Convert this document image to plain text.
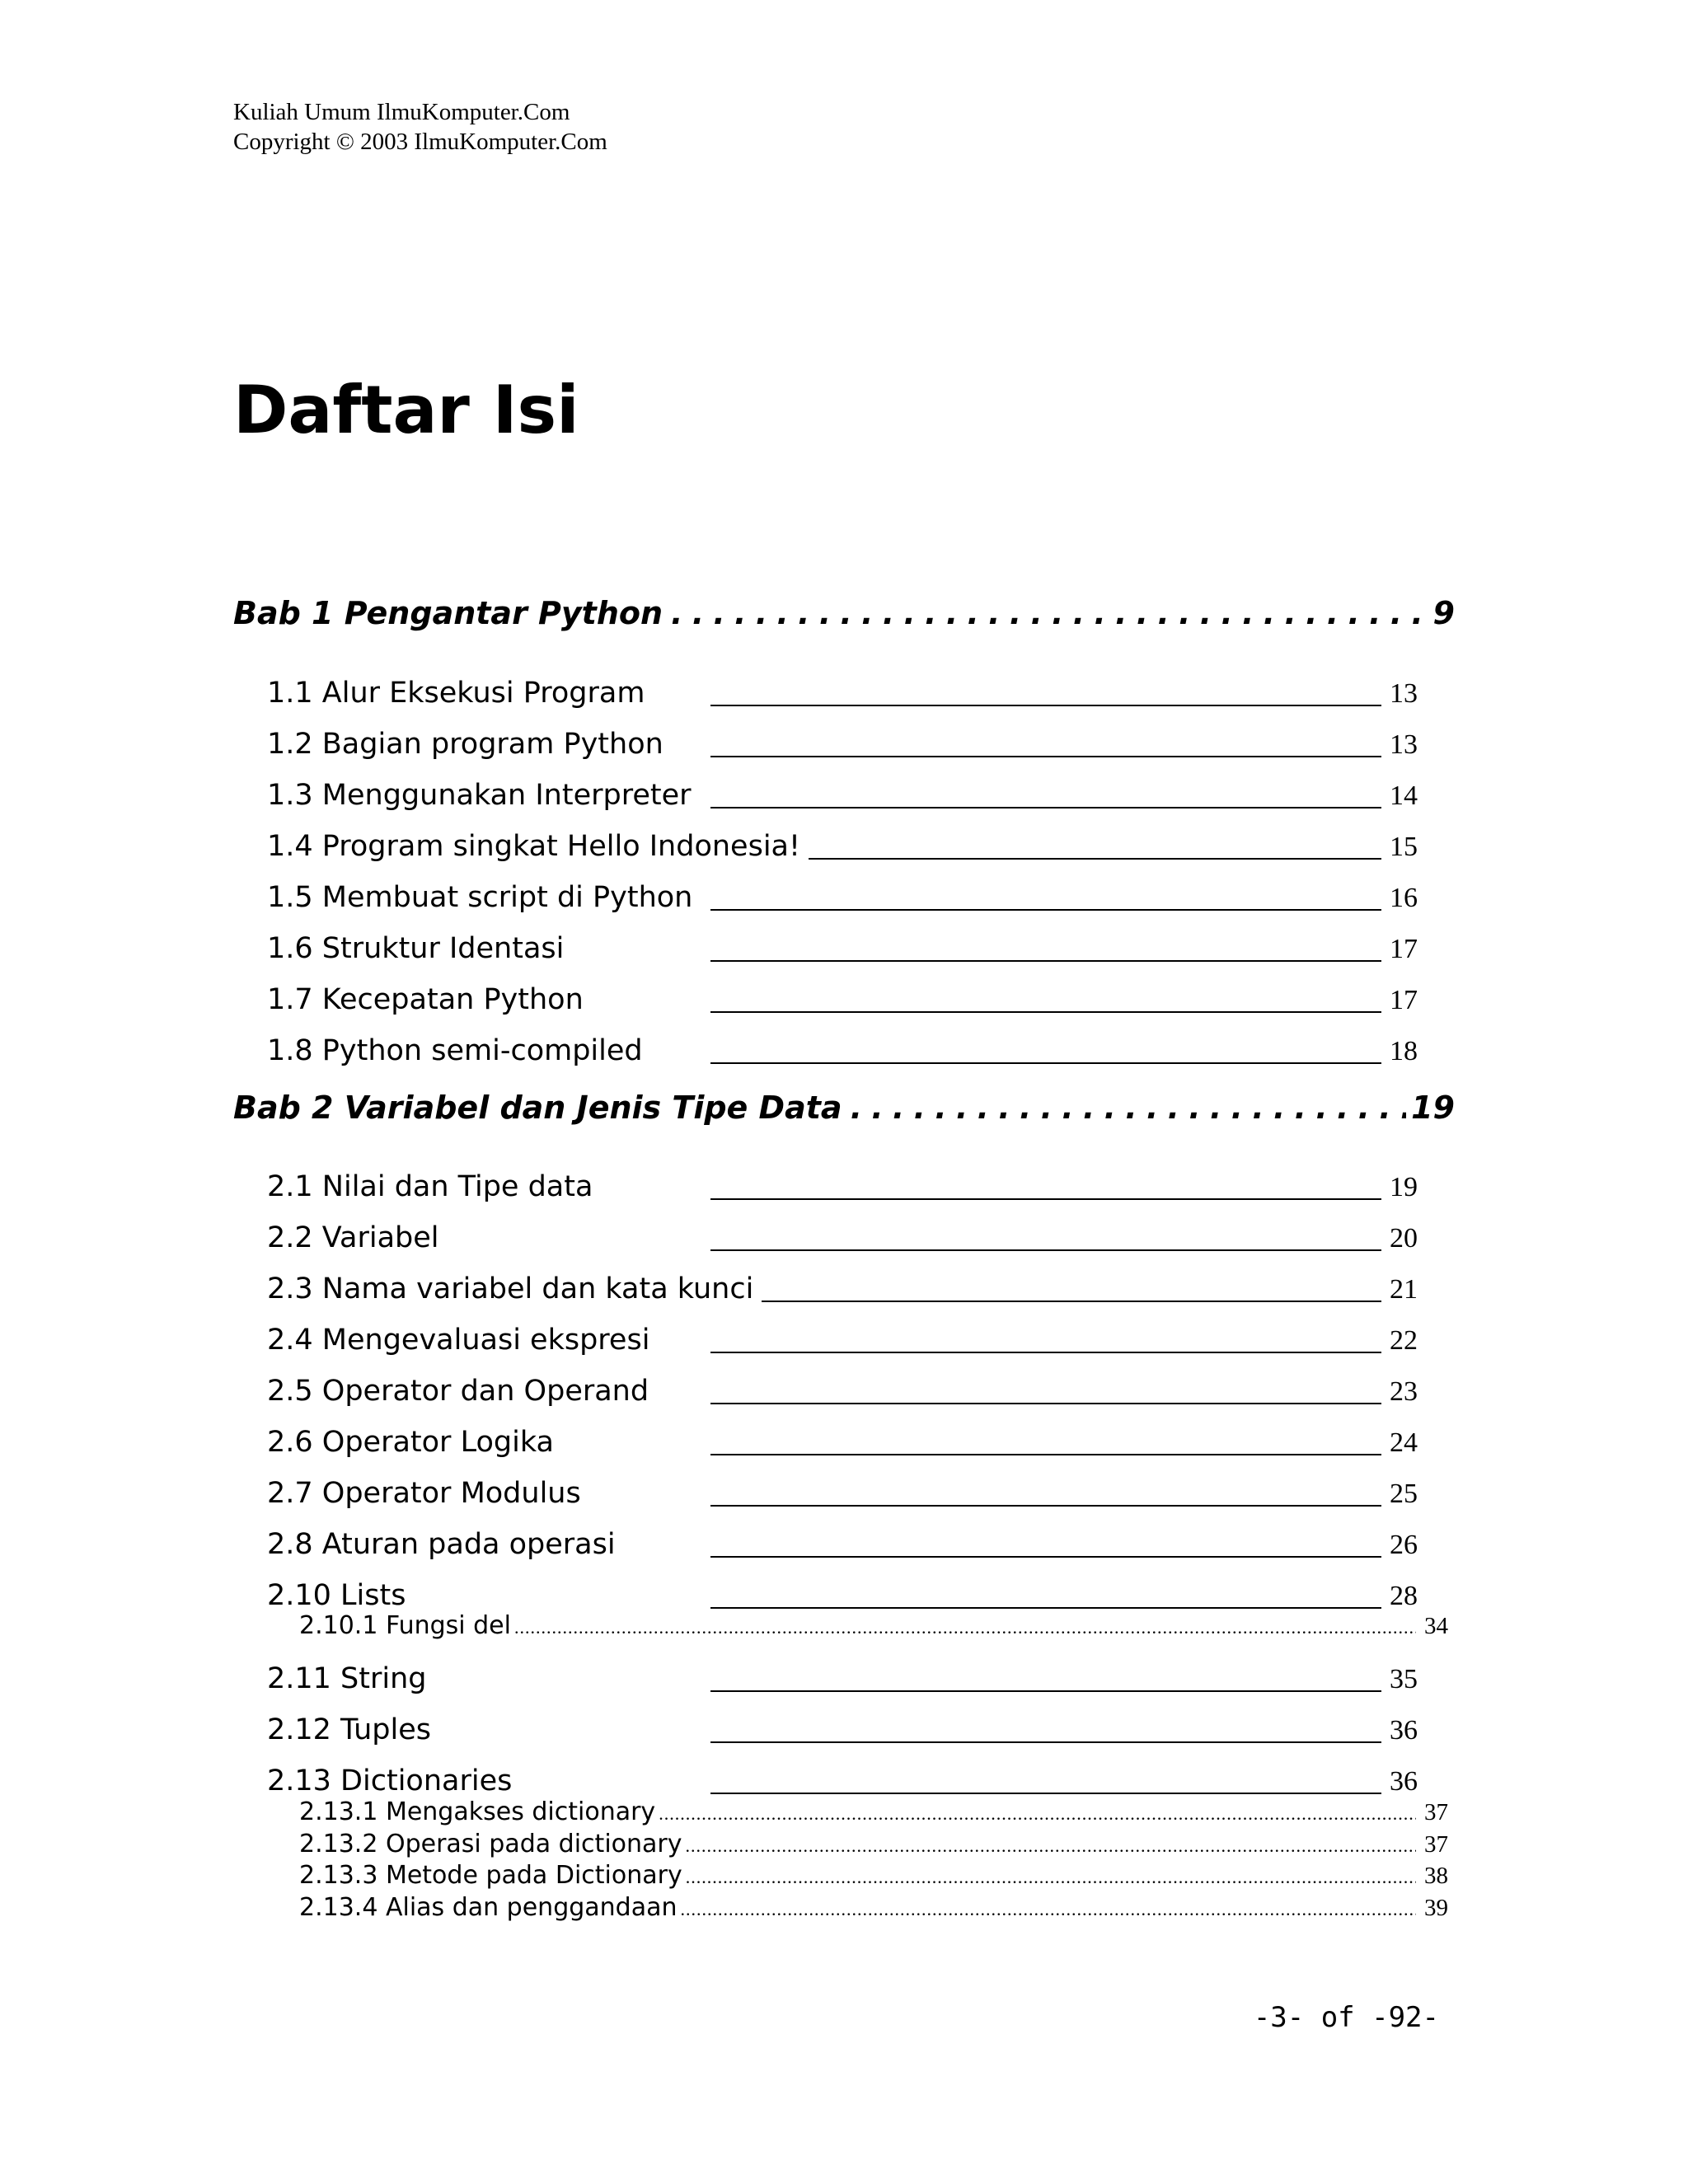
Kuliah Umum IlmuKomputer.Com
Copyright © 2003 IlmuKomputer.Com
Daftar Isi
Bab 1 Pengantar Python . . .	9
1.1 Alur Eksekusi Program	13
1.2 Bagian program Python	13
1.3 Menggunakan Interpreter	14
1.4 Program singkat Hello Indonesia!	15
1.5 Membuat script di Python	16
1.6 Struktur Identasi	17
1.7 Kecepatan Python	17
1.8 Python semi-compiled	18
Bab 2 Variabel dan Jenis Tipe Data . . .	19
2.1 Nilai dan Tipe data	19
2.2 Variabel	20
2.3 Nama variabel dan kata kunci	21
2.4 Mengevaluasi ekspresi	22
2.5 Operator dan Operand	23
2.6 Operator Logika	24
2.7 Operator Modulus	25
2.8 Aturan pada operasi	26
2.10 Lists	28
2.10.1 Fungsi del .....	34
2.11 String	35
2.12 Tuples	36
2.13 Dictionaries	36
2.13.1 Mengakses dictionary .....	37
2.13.2 Operasi pada dictionary .....	37
2.13.3 Metode pada Dictionary .....	38
2.13.4 Alias dan penggandaan .....	39
-3- of -92-
